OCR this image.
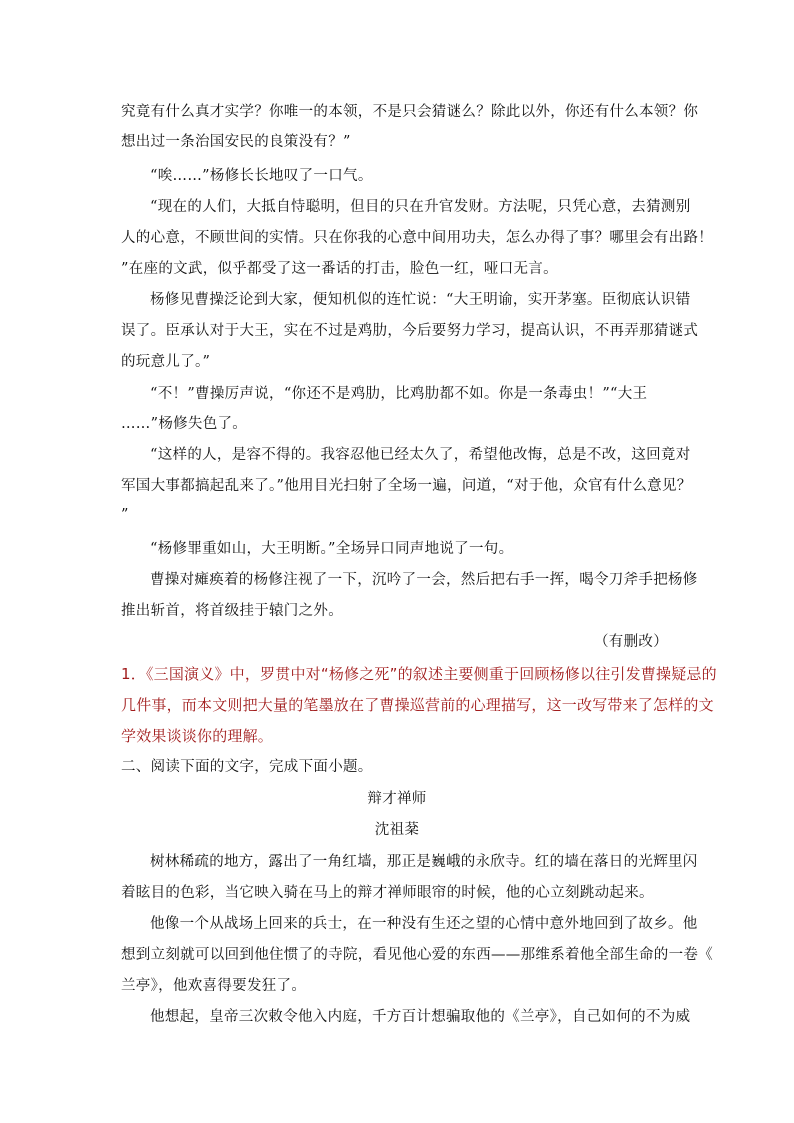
究竟有什么真才实学？你唯一的本领，不是只会猜谜么？除此以外，你还有什么本领？你
想出过一条治国安民的良策没有？”
“唉……”杨修长长地叹了一口气。
“现在的人们，大抵自恃聪明，但目的只在升官发财。方法呢，只凭心意，去猜测别
人的心意，不顾世间的实情。只在你我的心意中间用功夫，怎么办得了事？哪里会有出路！
”在座的文武，似乎都受了这一番话的打击，脸色一红，哑口无言。
杨修见曹操泛论到大家，便知机似的连忙说：“大王明谕，实开茅塞。臣彻底认识错
误了。臣承认对于大王，实在不过是鸡肋，今后要努力学习，提高认识，不再弄那猜谜式
的玩意儿了。”
“不！”曹操厉声说，“你还不是鸡肋，比鸡肋都不如。你是一条毒虫！”“大王
……”杨修失色了。
“这样的人，是容不得的。我容忍他已经太久了，希望他改悔，总是不改，这回竟对
军国大事都搞起乱来了。”他用目光扫射了全场一遍，问道，“对于他，众官有什么意见？
”
“杨修罪重如山，大王明断。”全场异口同声地说了一句。
曹操对瘫痪着的杨修注视了一下，沉吟了一会，然后把右手一挥，喝令刀斧手把杨修
推出斩首，将首级挂于辕门之外。
（有删改）
1．《三国演义》中，罗贯中对“杨修之死”的叙述主要侧重于回顾杨修以往引发曹操疑忌的
几件事，而本文则把大量的笔墨放在了曹操巡营前的心理描写，这一改写带来了怎样的文
学效果谈谈你的理解。
二、阅读下面的文字，完成下面小题。
辩才禅师
沈祖棻
树林稀疏的地方，露出了一角红墙，那正是巍峨的永欣寺。红的墙在落日的光辉里闪
着眩目的色彩，当它映入骑在马上的辩才禅师眼帘的时候，他的心立刻跳动起来。
他像一个从战场上回来的兵士，在一种没有生还之望的心情中意外地回到了故乡。他
想到立刻就可以回到他住惯了的寺院，看见他心爱的东西——那维系着他全部生命的一卷《
兰亭》，他欢喜得要发狂了。
他想起，皇帝三次敕令他入内庭，千方百计想骗取他的《兰亭》，自己如何的不为威
